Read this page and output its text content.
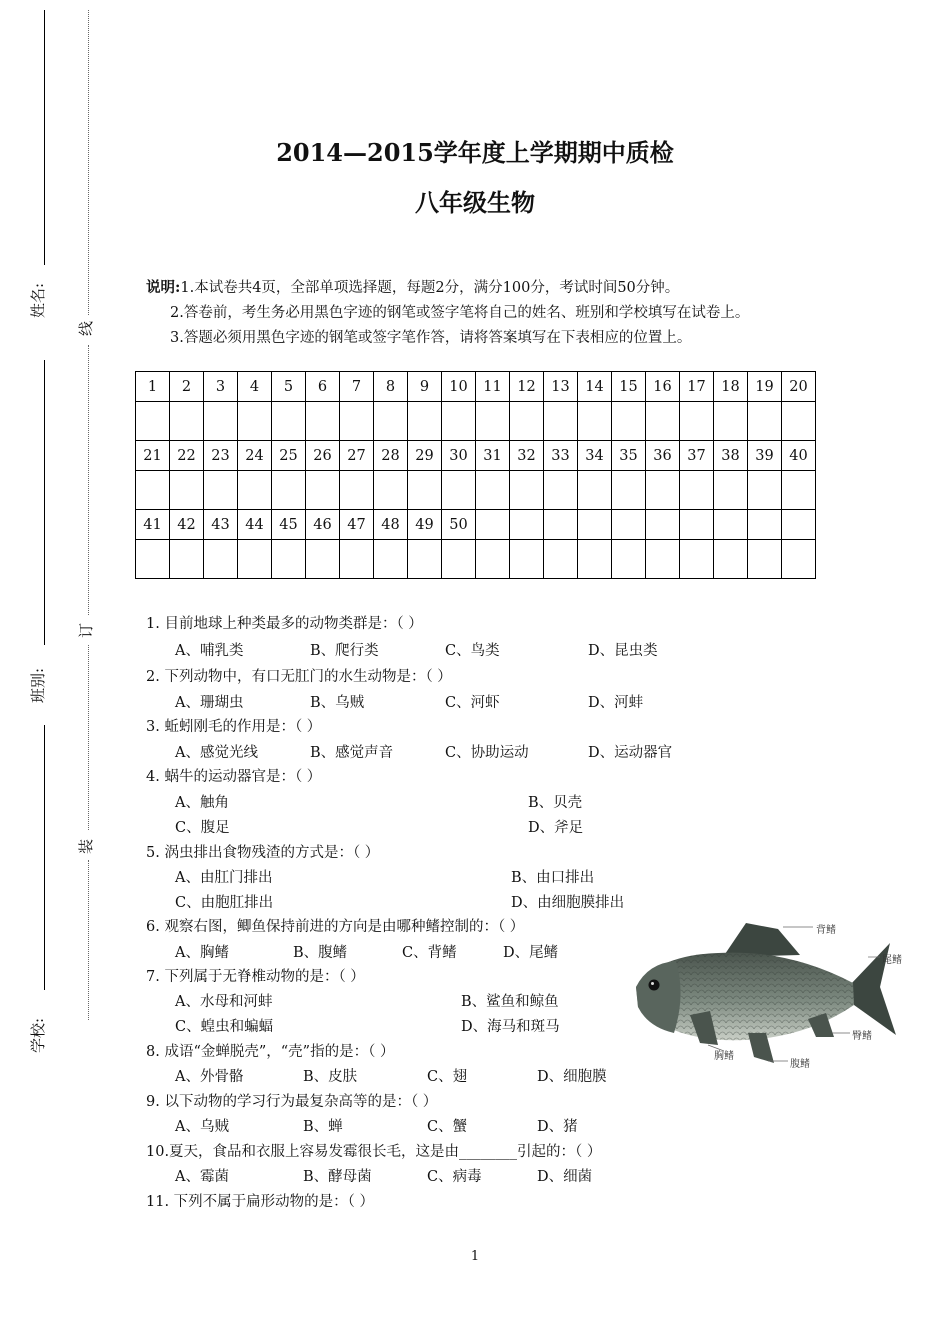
姓名:
班别:
学校:
线
订
装
2014—2015学年度上学期期中质检
八年级生物
说明:1.本试卷共4页，全部单项选择题，每题2分，满分100分，考试时间50分钟。
2.答卷前，考生务必用黑色字迹的钢笔或签字笔将自己的姓名、班别和学校填写在试卷上。
3.答题必须用黑色字迹的钢笔或签字笔作答，请将答案填写在下表相应的位置上。
1	2	3	4	5	6	7	8	9	10	11	12	13	14	15	16	17	18	19	20

21	22	23	24	25	26	27	28	29	30	31	32	33	34	35	36	37	38	39	40

41	42	43	44	45	46	47	48	49	50										

1. 目前地球上种类最多的动物类群是：（ ）
A、哺乳类	B、爬行类	C、鸟类	D、昆虫类
2. 下列动物中，有口无肛门的水生动物是：（ ）
A、珊瑚虫	B、乌贼	C、河虾	D、河蚌
3. 蚯蚓刚毛的作用是：（ ）
A、感觉光线	B、感觉声音	C、协助运动	D、运动器官
4. 蜗牛的运动器官是：（ ）
A、触角	B、贝壳
C、腹足	D、斧足
5. 涡虫排出食物残渣的方式是：（ ）
A、由肛门排出	B、由口排出
C、由胞肛排出	D、由细胞膜排出
6. 观察右图，鲫鱼保持前进的方向是由哪种鳍控制的：（ ）
A、胸鳍	B、腹鳍	C、背鳍	D、尾鳍
7. 下列属于无脊椎动物的是：（ ）
A、水母和河蚌	B、鲨鱼和鲸鱼
C、蝗虫和蝙蝠	D、海马和斑马
8. 成语“金蝉脱壳”，“壳”指的是：（ ）
A、外骨骼	B、皮肤	C、翅	D、细胞膜
9. 以下动物的学习行为最复杂高等的是：（ ）
A、乌贼	B、蝉	C、蟹	D、猪
10.夏天，食品和衣服上容易发霉很长毛，这是由________引起的：（ ）
A、霉菌	B、酵母菌	C、病毒	D、细菌
11. 下列不属于扁形动物的是：（ ）
背鳍
尾鳍
臀鳍
腹鳍
胸鳍
1
